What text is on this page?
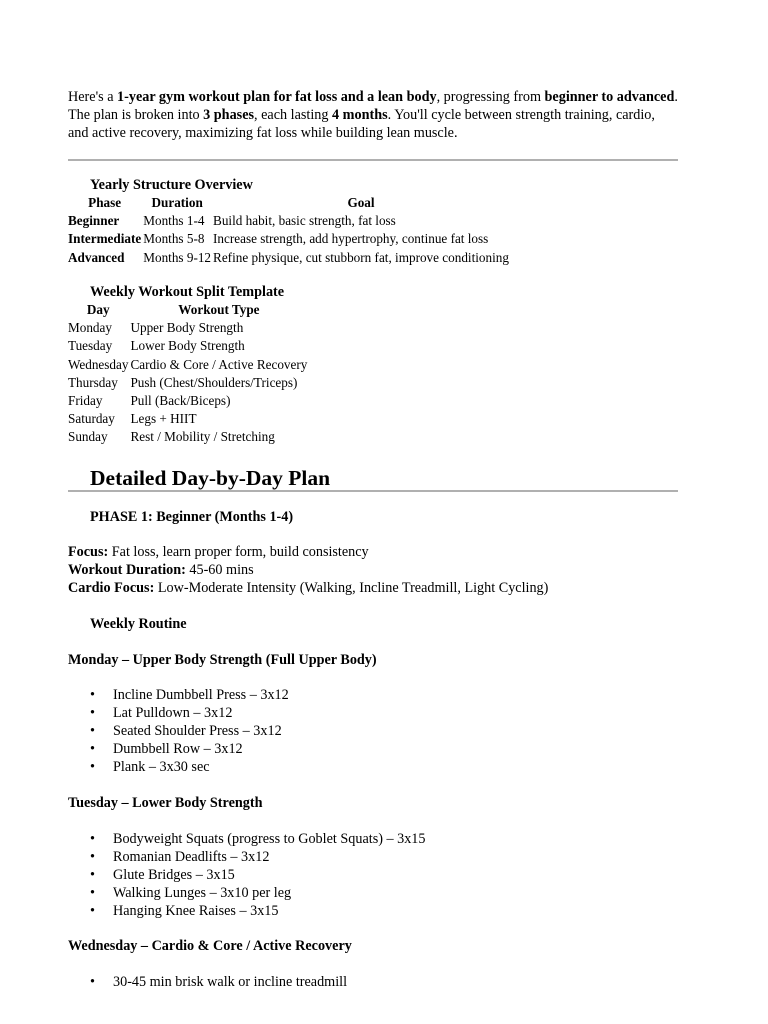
Here's a 1-year gym workout plan for fat loss and a lean body, progressing from beginner to advanced. The plan is broken into 3 phases, each lasting 4 months. You'll cycle between strength training, cardio, and active recovery, maximizing fat loss while building lean muscle.

Yearly Structure Overview
Phase	Duration	Goal
Beginner	Months 1-4	Build habit, basic strength, fat loss
Intermediate	Months 5-8	Increase strength, add hypertrophy, continue fat loss
Advanced	Months 9-12	Refine physique, cut stubborn fat, improve conditioning
Weekly Workout Split Template
Day	Workout Type
Monday	Upper Body Strength
Tuesday	Lower Body Strength
Wednesday	Cardio & Core / Active Recovery
Thursday	Push (Chest/Shoulders/Triceps)
Friday	Pull (Back/Biceps)
Saturday	Legs + HIIT
Sunday	Rest / Mobility / Stretching
Detailed Day-by-Day Plan
PHASE 1: Beginner (Months 1-4)
Focus: Fat loss, learn proper form, build consistency
Workout Duration: 45-60 mins
Cardio Focus: Low-Moderate Intensity (Walking, Incline Treadmill, Light Cycling)
Weekly Routine
Monday – Upper Body Strength (Full Upper Body)
• Incline Dumbbell Press – 3x12
• Lat Pulldown – 3x12
• Seated Shoulder Press – 3x12
• Dumbbell Row – 3x12
• Plank – 3x30 sec
Tuesday – Lower Body Strength
• Bodyweight Squats (progress to Goblet Squats) – 3x15
• Romanian Deadlifts – 3x12
• Glute Bridges – 3x15
• Walking Lunges – 3x10 per leg
• Hanging Knee Raises – 3x15
Wednesday – Cardio & Core / Active Recovery
• 30-45 min brisk walk or incline treadmill
